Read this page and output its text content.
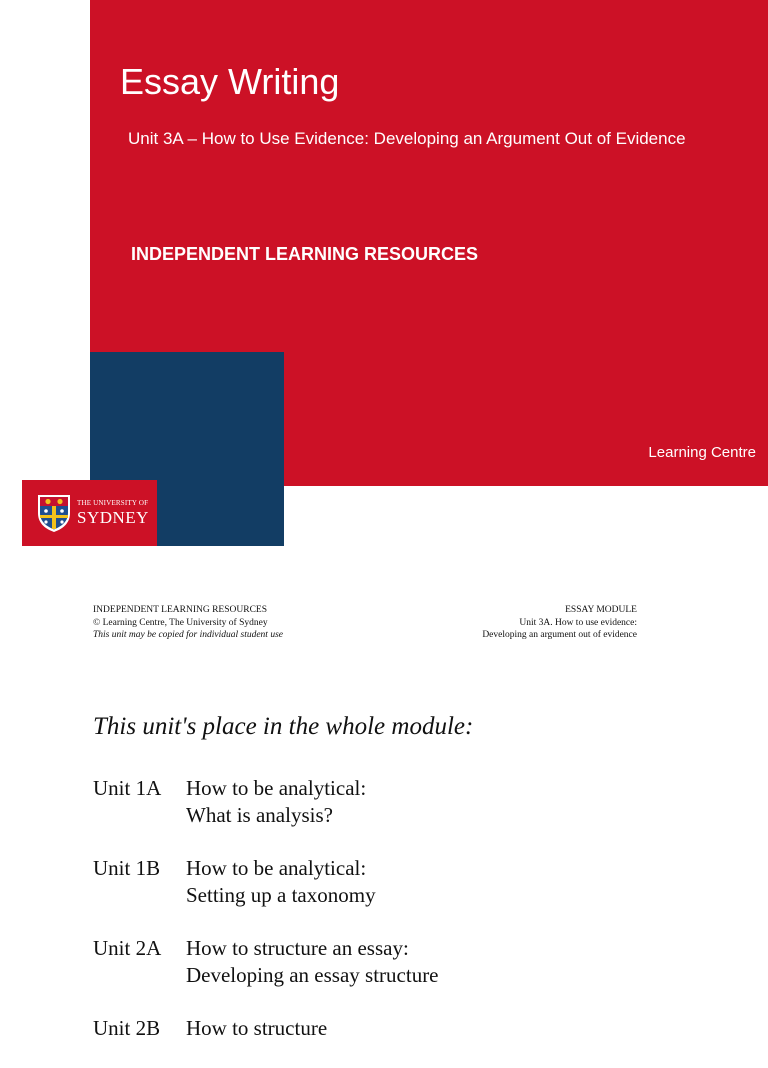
Essay Writing
Unit 3A – How to Use Evidence: Developing an Argument Out of Evidence
INDEPENDENT LEARNING RESOURCES
Learning Centre
THE UNIVERSITY OF
SYDNEY
INDEPENDENT LEARNING RESOURCES
© Learning Centre, The University of Sydney
This unit may be copied for individual student use
ESSAY MODULE
Unit 3A. How to use evidence:
Developing an argument out of evidence
This unit's place in the whole module:
Unit 1A	How to be analytical:
What is analysis?
Unit 1B	How to be analytical:
Setting up a taxonomy
Unit 2A	How to structure an essay:
Developing an essay structure
Unit 2B	How to structure
